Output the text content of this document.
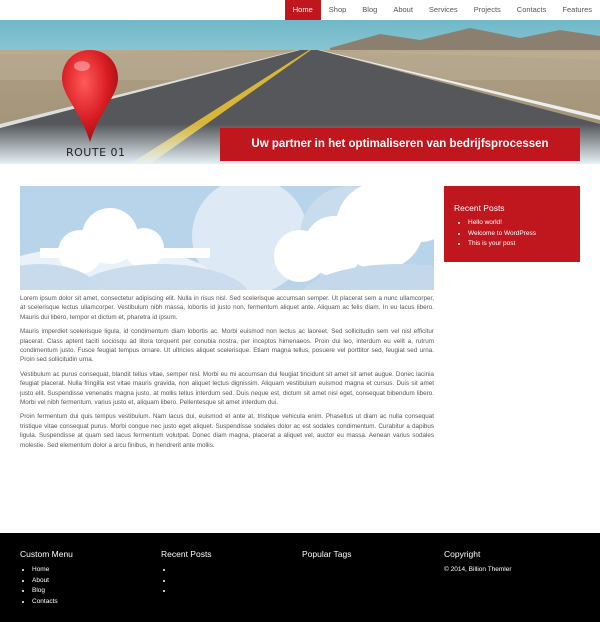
Home	Shop	Blog	About	Services	Projects	Contacts	Features
ROUTE 01
Uw partner in het optimaliseren van bedrijfsprocessen

Lorem ipsum dolor sit amet, consectetur adipiscing elit. Nulla in risus nisl. Sed scelerisque accumsan semper. Ut placerat sem a nunc ullamcorper, at scelerisque lectus ullamcorper. Vestibulum nibh massa, lobortis id justo non, fermentum aliquet ante. Aliquam ac felis diam. In eu lacus libero. Mauris dui libero, tempor et dictum et, pharetra id ipsum.

Mauris imperdiet scelerisque ligula, id condimentum diam lobortis ac. Morbi euismod non lectus ac laoreet. Sed sollicitudin sem vel nisl efficitur placerat. Class aptent taciti sociosqu ad litora torquent per conubia nostra, per inceptos himenaeos. Proin dui leo, interdum eu velit a, rutrum condimentum justo. Fusce feugiat tempus ornare. Ut ultricies aliquet scelerisque. Etiam magna tellus, posuere vel porttitor sed, feugiat sed urna. Proin sed sollicitudin urna.

Vestibulum ac purus consequat, blandit tellus vitae, semper nisl. Morbi eu mi accumsan dui feugiat tincidunt sit amet sit amet augue. Donec lacinia feugiat placerat. Nulla fringilla est vitae mauris gravida, non aliquet lectus dignissim. Aliquam vestibulum euismod magna et cursus. Duis sit amet justo elit. Suspendisse venenatis magna justo, at mollis tellus interdum sed. Duis neque est, dictum sit amet nisl eget, consequat bibendum libero. Morbi vel nibh fermentum, varius justo et, aliquam libero. Pellentesque sit amet interdum dui.

Proin fermentum dui quis tempus vestibulum. Nam lacus dui, euismod et ante at, tristique vehicula enim. Phasellus ut diam ac nulla consequat tristique vitae consequat purus. Morbi congue nec justo eget aliquet. Suspendisse sodales dolor ac est sodales condimentum. Curabitur a dapibus ligula. Suspendisse at quam sed lacus fermentum volutpat. Donec diam magna, placerat a aliquet vel, auctor eu massa. Aenean varius sodales molestie. Sed elementum dolor a arcu finibus, in hendrerit ante mollis.

Recent Posts
• Hello world!
• Welcome to WordPress
• This is your post
Custom Menu
• Home
• About
• Blog
• Contacts
Recent Posts
•
•
•	Popular Tags	Copyright
© 2014, Billion Themler
